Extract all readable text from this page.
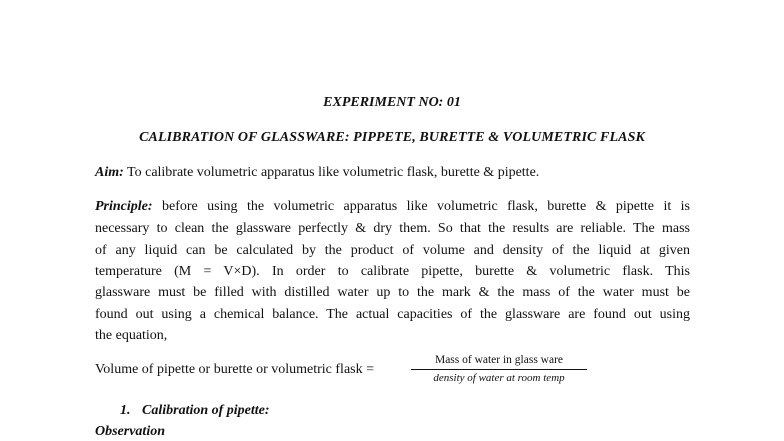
EXPERIMENT NO: 01
CALIBRATION OF GLASSWARE: PIPPETE, BURETTE & VOLUMETRIC FLASK
Aim: To calibrate volumetric apparatus like volumetric flask, burette & pipette.
Principle: before using the volumetric apparatus like volumetric flask, burette & pipette it is
necessary to clean the glassware perfectly & dry them. So that the results are reliable. The mass
of any liquid can be calculated by the product of volume and density of the liquid at given
temperature (M = V×D). In order to calibrate pipette, burette & volumetric flask. This
glassware must be filled with distilled water up to the mark & the mass of the water must be
found out using a chemical balance. The actual capacities of the glassware are found out using
the equation,
Volume of pipette or burette or volumetric flask =
Mass of water in glass ware
density of water at room temp
1. Calibration of pipette:
Observation
